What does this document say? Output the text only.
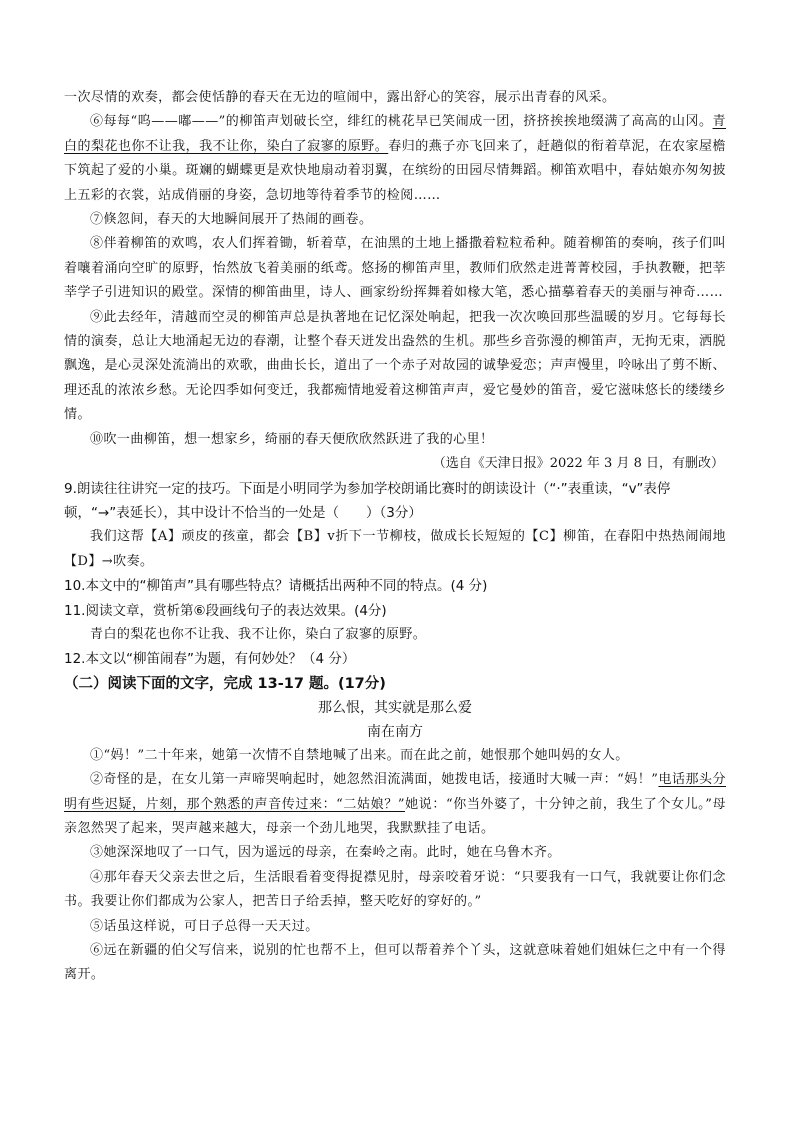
一次尽情的欢奏，都会使恬静的春天在无边的喧闹中，露出舒心的笑容，展示出青春的风采。

⑥每每“呜——嘟——”的柳笛声划破长空，绯红的桃花早已笑闹成一团，挤挤挨挨地缀满了高高的山冈。青白的梨花也你不让我，我不让你，染白了寂寥的原野。春归的燕子亦飞回来了，赶趟似的衔着草泥，在农家屋檐下筑起了爱的小巢。斑斓的蝴蝶更是欢快地扇动着羽翼，在缤纷的田园尽情舞蹈。柳笛欢唱中，春姑娘亦匆匆披上五彩的衣裳，站成俏丽的身姿，急切地等待着季节的检阅……

⑦倏忽间，春天的大地瞬间展开了热闹的画卷。

⑧伴着柳笛的欢鸣，农人们挥着锄，斩着草，在油黑的土地上播撒着粒粒希种。随着柳笛的奏响，孩子们叫着嚷着涌向空旷的原野，怡然放飞着美丽的纸鸢。悠扬的柳笛声里，教师们欣然走进菁菁校园，手执教鞭，把莘莘学子引进知识的殿堂。深情的柳笛曲里，诗人、画家纷纷挥舞着如椽大笔，悉心描摹着春天的美丽与神奇……

⑨此去经年，清越而空灵的柳笛声总是执著地在记忆深处响起，把我一次次唤回那些温暖的岁月。它每每长情的演奏，总让大地涌起无边的春潮，让整个春天迸发出盎然的生机。那些乡音弥漫的柳笛声，无拘无束，洒脱飘逸，是心灵深处流淌出的欢歌，曲曲长长，道出了一个赤子对故园的诚挚爱恋；声声慢里，呤咏出了剪不断、理还乱的浓浓乡愁。无论四季如何变迁，我都痴情地爱着这柳笛声声，爱它曼妙的笛音，爱它滋味悠长的缕缕乡情。

⑩吹一曲柳笛，想一想家乡，绮丽的春天便欣欣然跃进了我的心里！

（选自《天津日报》2022 年 3 月 8 日，有删改）

9.朗读往往讲究一定的技巧。下面是小明同学为参加学校朗诵比赛时的朗读设计（“·”表重读，“v”表停顿，“→”表延长），其中设计不恰当的一处是（　　）（3分）

我们这帮【A】顽皮的孩童，都会【B】v折下一节柳枝，做成长长短短的【C】柳笛，在春阳中热热闹闹地【D】→吹奏。

10.本文中的“柳笛声”具有哪些特点？请概括出两种不同的特点。(4 分)

11.阅读文章，赏析第⑥段画线句子的表达效果。(4分)

青白的梨花也你不让我、我不让你，染白了寂寥的原野。

12.本文以“柳笛闹春”为题，有何妙处？（4 分）

（二）阅读下面的文字，完成 13-17 题。(17分)

那么恨，其实就是那么爱

南在南方

①“妈！”二十年来，她第一次情不自禁地喊了出来。而在此之前，她恨那个她叫妈的女人。

②奇怪的是，在女儿第一声啼哭响起时，她忽然泪流满面，她拨电话，接通时大喊一声：“妈！”电话那头分明有些迟疑，片刻，那个熟悉的声音传过来：“二姑娘？”她说：“你当外婆了，十分钟之前，我生了个女儿。”母亲忽然哭了起来，哭声越来越大，母亲一个劲儿地哭，我默默挂了电话。

③她深深地叹了一口气，因为遥远的母亲，在秦岭之南。此时，她在乌鲁木齐。

④那年春天父亲去世之后，生活眼看着变得捉襟见肘，母亲咬着牙说：“只要我有一口气，我就要让你们念书。我要让你们都成为公家人，把苦日子给丢掉，整天吃好的穿好的。”

⑤话虽这样说，可日子总得一天天过。

⑥远在新疆的伯父写信来，说别的忙也帮不上，但可以帮着养个丫头，这就意味着她们姐妹仨之中有一个得离开。
